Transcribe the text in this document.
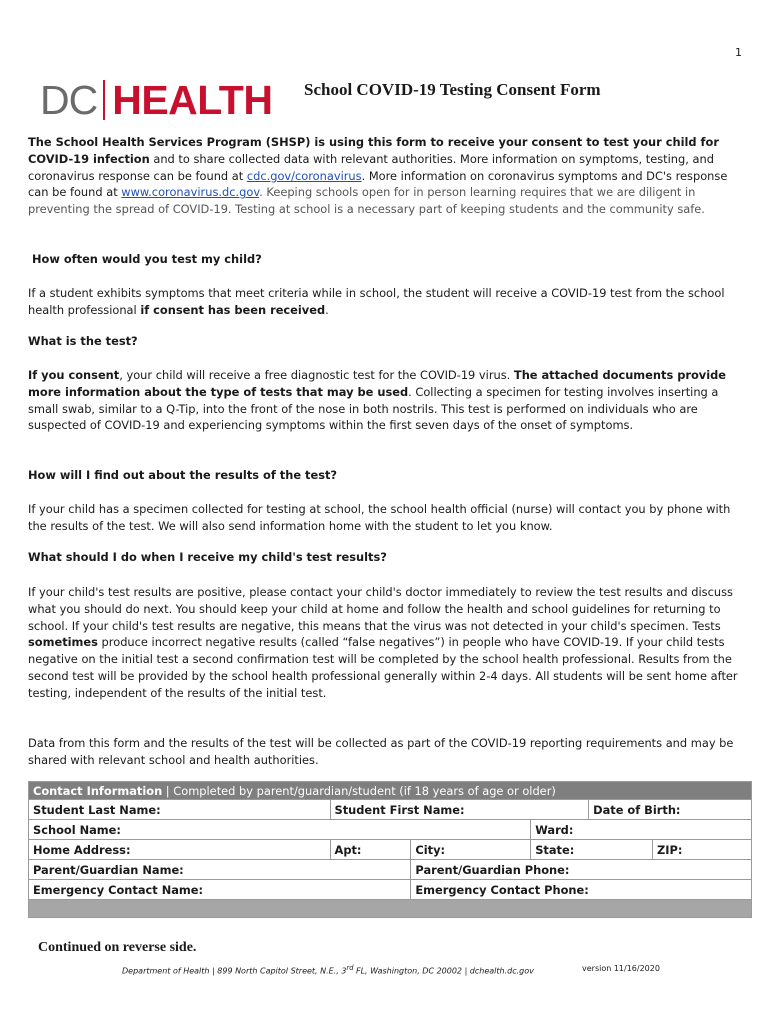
1
DC HEALTH School COVID-19 Testing Consent Form
The School Health Services Program (SHSP) is using this form to receive your consent to test your child for COVID-19 infection and to share collected data with relevant authorities. More information on symptoms, testing, and coronavirus response can be found at cdc.gov/coronavirus. More information on coronavirus symptoms and DC's response can be found at www.coronavirus.dc.gov. Keeping schools open for in person learning requires that we are diligent in preventing the spread of COVID-19. Testing at school is a necessary part of keeping students and the community safe.
How often would you test my child?
If a student exhibits symptoms that meet criteria while in school, the student will receive a COVID-19 test from the school health professional if consent has been received.
What is the test?
If you consent, your child will receive a free diagnostic test for the COVID-19 virus. The attached documents provide more information about the type of tests that may be used. Collecting a specimen for testing involves inserting a small swab, similar to a Q-Tip, into the front of the nose in both nostrils. This test is performed on individuals who are suspected of COVID-19 and experiencing symptoms within the first seven days of the onset of symptoms.
How will I find out about the results of the test?
If your child has a specimen collected for testing at school, the school health official (nurse) will contact you by phone with the results of the test. We will also send information home with the student to let you know.
What should I do when I receive my child's test results?
If your child's test results are positive, please contact your child's doctor immediately to review the test results and discuss what you should do next. You should keep your child at home and follow the health and school guidelines for returning to school. If your child's test results are negative, this means that the virus was not detected in your child's specimen. Tests sometimes produce incorrect negative results (called “false negatives”) in people who have COVID-19. If your child tests negative on the initial test a second confirmation test will be completed by the school health professional. Results from the second test will be provided by the school health professional generally within 2-4 days. All students will be sent home after testing, independent of the results of the initial test.
Data from this form and the results of the test will be collected as part of the COVID-19 reporting requirements and may be shared with relevant school and health authorities.
Contact Information | Completed by parent/guardian/student (if 18 years of age or older)					
Student Last Name:	Student First Name:			Date of Birth:	
School Name:			Ward:		
Home Address:	Apt:	City:	State:		ZIP:
Parent/Guardian Name:		Parent/Guardian Phone:			
Emergency Contact Name:		Emergency Contact Phone:			

Continued on reverse side.
Department of Health | 899 North Capitol Street, N.E., 3rd FL, Washington, DC 20002 | dchealth.dc.gov	version 11/16/2020
